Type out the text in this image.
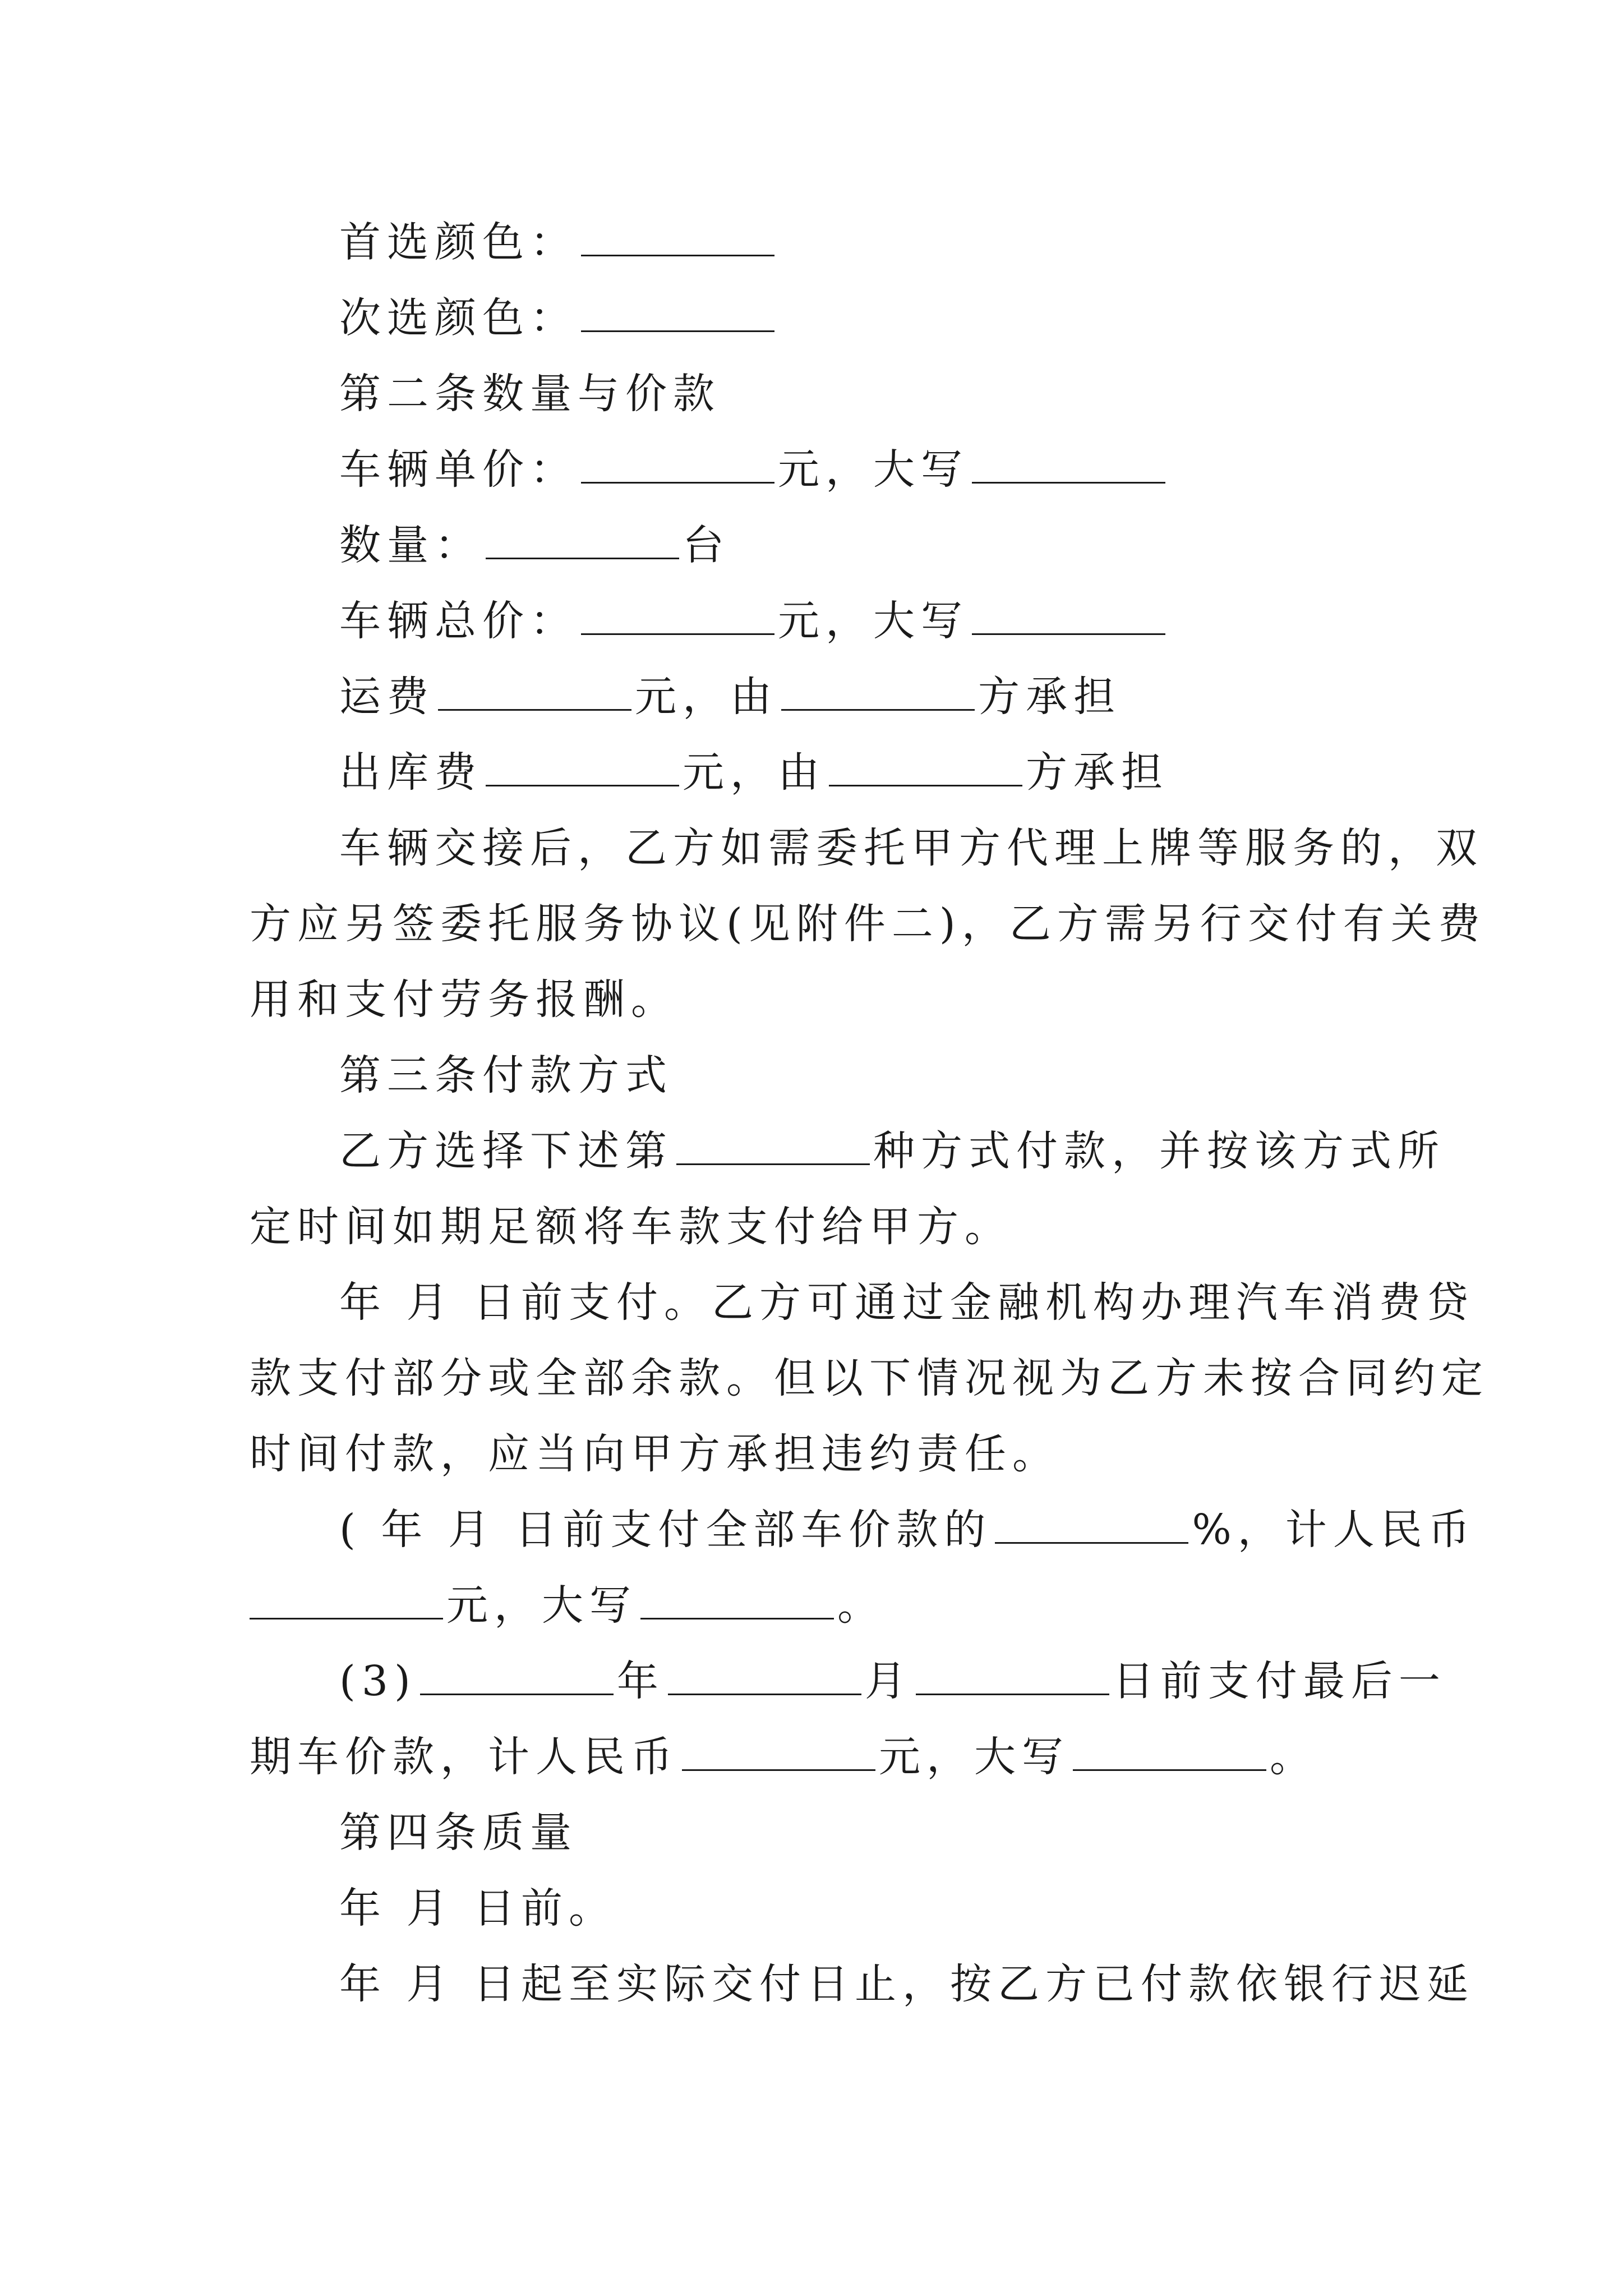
首选颜色：
次选颜色：
第二条数量与价款
车辆单价：	元，大写
数量：	台
车辆总价：	元，大写
运费	元，由	方承担
出库费	元，由	方承担
车辆交接后，乙方如需委托甲方代理上牌等服务的，双
方应另签委托服务协议(见附件二)，乙方需另行交付有关费
用和支付劳务报酬。
第三条付款方式
乙方选择下述第	种方式付款，并按该方式所
定时间如期足额将车款支付给甲方。
年 月 日前支付。乙方可通过金融机构办理汽车消费贷
款支付部分或全部余款。但以下情况视为乙方未按合同约定
时间付款，应当向甲方承担违约责任。
( 年 月 日前支付全部车价款的	%，计人民币
元，大写	。
(3)	年	月	日前支付最后一
期车价款，计人民币	元，大写	。
第四条质量
年 月 日前。
年 月 日起至实际交付日止，按乙方已付款依银行迟延
